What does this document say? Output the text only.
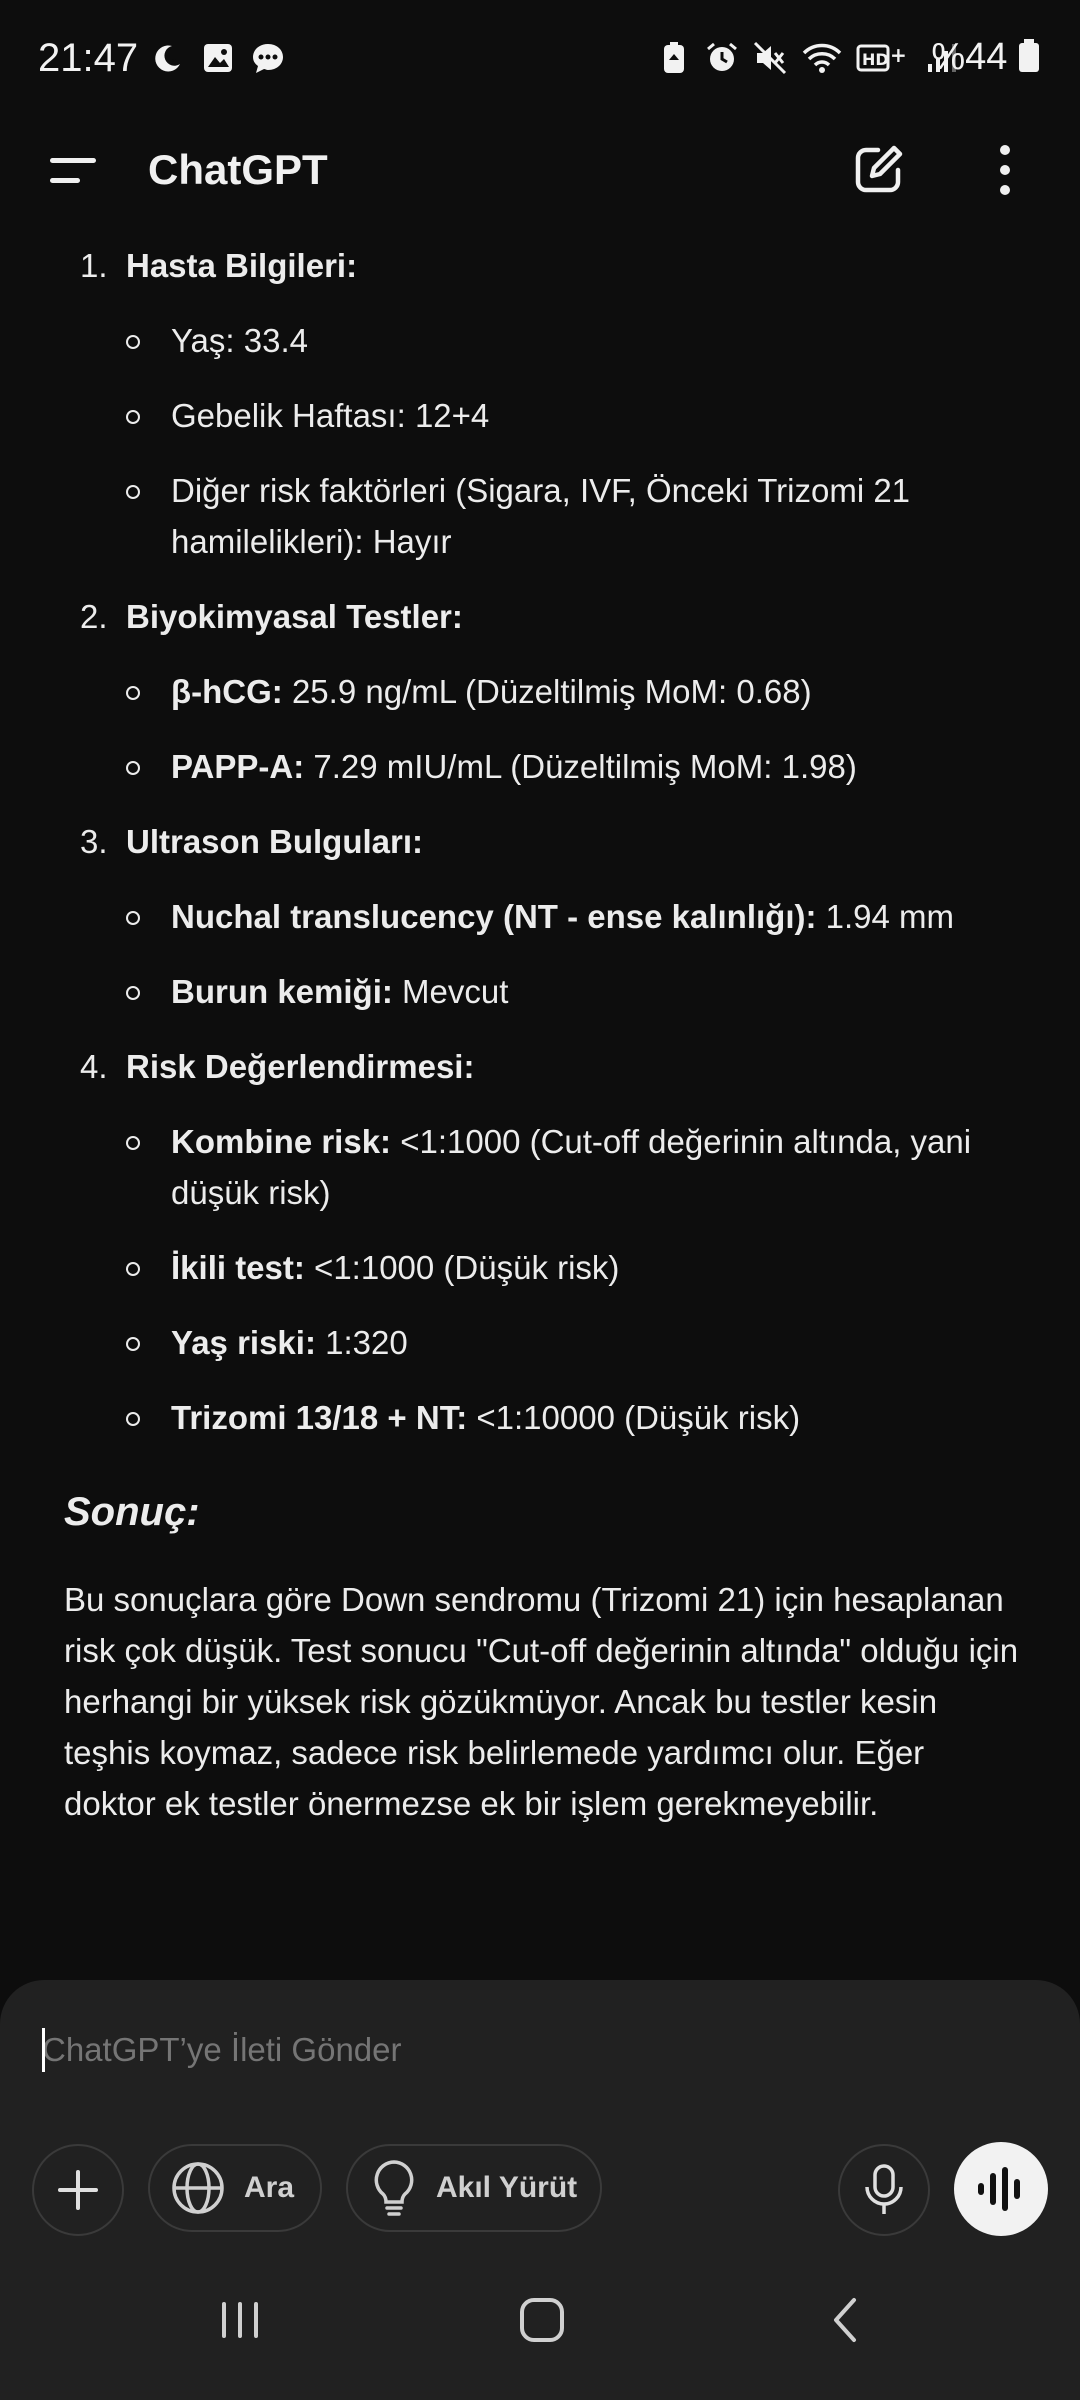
21:47	z	HD + %44
ChatGPT
1. Hasta Bilgileri:
Yaş: 33.4
Gebelik Haftası: 12+4
Diğer risk faktörleri (Sigara, IVF, Önceki Trizomi 21 hamilelikleri): Hayır
2. Biyokimyasal Testler:
β-hCG: 25.9 ng/mL (Düzeltilmiş MoM: 0.68)
PAPP-A: 7.29 mIU/mL (Düzeltilmiş MoM: 1.98)
3. Ultrason Bulguları:
Nuchal translucency (NT - ense kalınlığı): 1.94 mm
Burun kemiği: Mevcut
4. Risk Değerlendirmesi:
Kombine risk: <1:1000 (Cut-off değerinin altında, yani düşük risk)
İkili test: <1:1000 (Düşük risk)
Yaş riski: 1:320
Trizomi 13/18 + NT: <1:10000 (Düşük risk)
Sonuç:
Bu sonuçlara göre Down sendromu (Trizomi 21) için hesaplanan risk çok düşük. Test sonucu "Cut-off değerinin altında" olduğu için herhangi bir yüksek risk gözükmüyor. Ancak bu testler kesin teşhis koymaz, sadece risk belirlemede yardımcı olur. Eğer doktor ek testler önermezse ek bir işlem gerekmeyebilir.
ChatGPT’ye İleti Gönder
Ara	Akıl Yürüt
